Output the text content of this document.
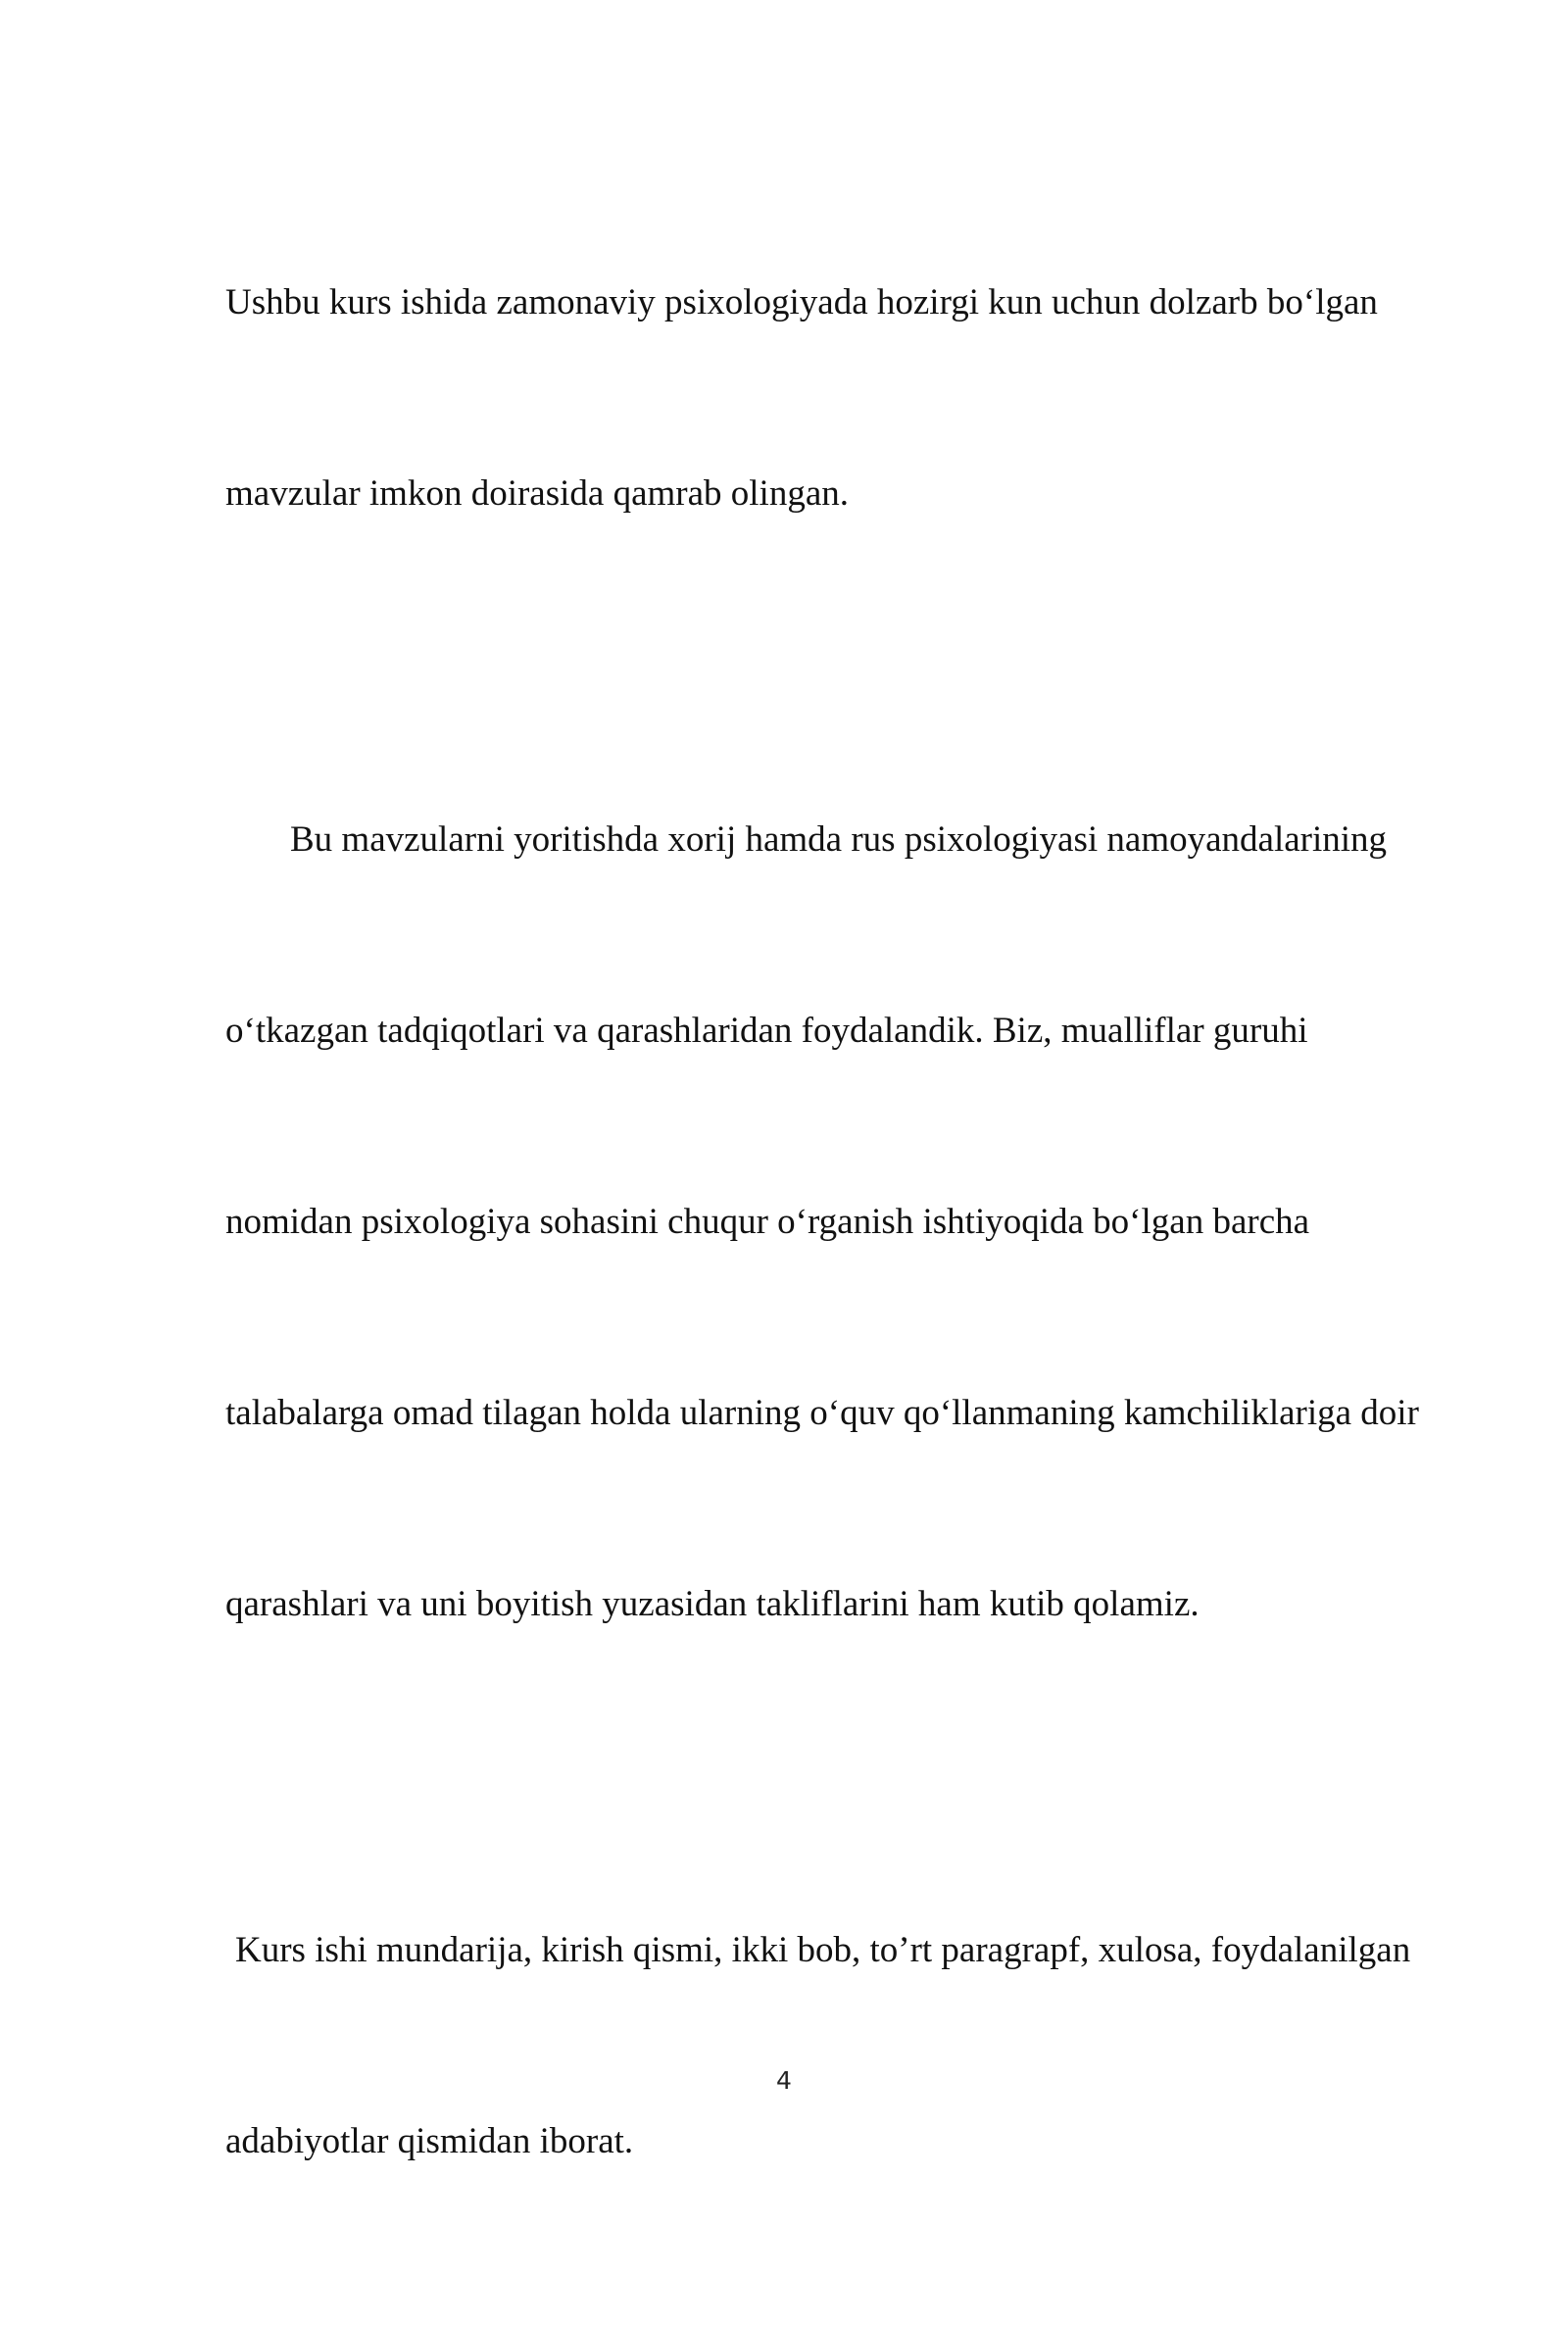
Ushbu kurs ishida zamonaviy psixologiyada hozirgi kun uchun dolzarb boʻlgan

mavzular imkon doirasida qamrab olingan.

Bu mavzularni yoritishda xorij hamda rus psixologiyasi namoyandalarining

oʻtkazgan tadqiqotlari va qarashlaridan foydalandik. Biz, mualliflar guruhi

nomidan psixologiya sohasini chuqur oʻrganish ishtiyoqida boʻlgan barcha

talabalarga omad tilagan holda ularning oʻquv qoʻllanmaning kamchiliklariga doir

qarashlari va uni boyitish yuzasidan takliflarini ham kutib qolamiz.

Kurs ishi mundarija, kirish qismi, ikki bob, to’rt paragrapf, xulosa, foydalanilgan

adabiyotlar qismidan iborat.

4
